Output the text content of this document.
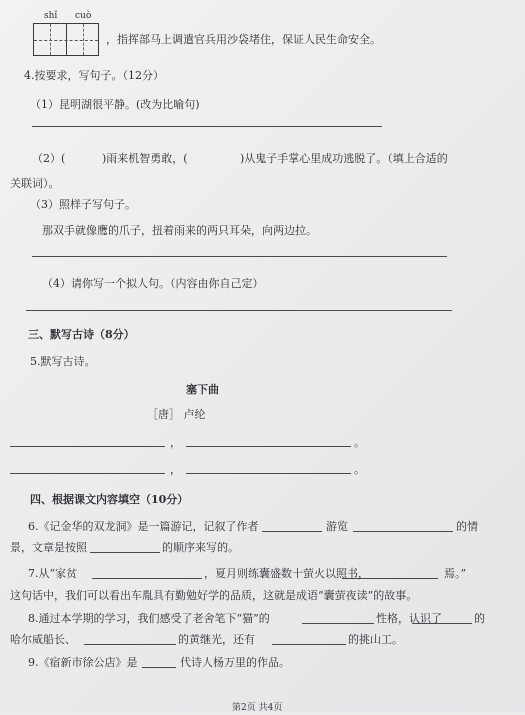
shǐ cuò
，指挥部马上调遣官兵用沙袋堵住，保证人民生命安全。
4.按要求，写句子。（12分）
（1）昆明湖很平静。(改为比喻句)
（2）(	)雨来机智勇敢，(	)从鬼子手掌心里成功逃脱了。（填上合适的
关联词）。
（3）照样子写句子。
那双手就像鹰的爪子，扭着雨来的两只耳朵，向两边拉。
（4）请你写一个拟人句。（内容由你自己定）
三、默写古诗（8分）
5.默写古诗。
塞下曲
［唐］ 卢纶
，	。
，	。
四、根据课文内容填空（10分）
6.《记金华的双龙洞》是一篇游记，记叙了作者	游览	的情
景，文章是按照	的顺序来写的。
7.从“家贫	，夏月则练囊盛数十萤火以照书，	焉。”
这句话中，我们可以看出车胤具有勤勉好学的品质，这就是成语“囊萤夜读”的故事。
8.通过本学期的学习，我们感受了老舍笔下“猫”的	性格，认识了	的
哈尔威船长、	的黄继光，还有	的挑山工。
9.《宿新市徐公店》是	代诗人杨万里的作品。
第2页 共4页
